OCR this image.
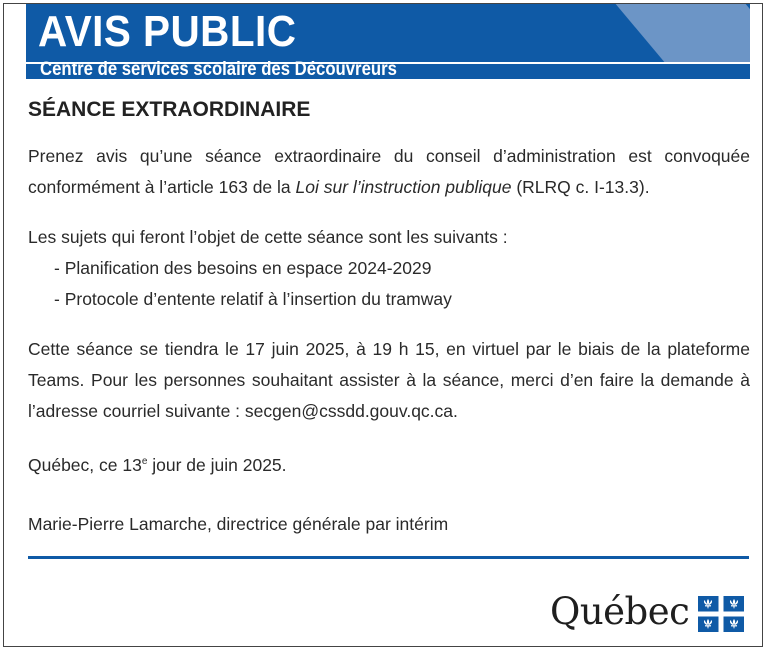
AVIS PUBLIC
Centre de services scolaire des Découvreurs
SÉANCE EXTRAORDINAIRE

Prenez avis qu’une séance extraordinaire du conseil d’administration est convoquée conformément à l’article 163 de la Loi sur l’instruction publique (RLRQ c. I-13.3).

Les sujets qui feront l’objet de cette séance sont les suivants :
- Planification des besoins en espace 2024-2029
- Protocole d’entente relatif à l’insertion du tramway

Cette séance se tiendra le 17 juin 2025, à 19 h 15, en virtuel par le biais de la plateforme Teams. Pour les personnes souhaitant assister à la séance, merci d’en faire la demande à l’adresse courriel suivante : secgen@cssdd.gouv.qc.ca.

Québec, ce 13e jour de juin 2025.

Marie-Pierre Lamarche, directrice générale par intérim

Québec
